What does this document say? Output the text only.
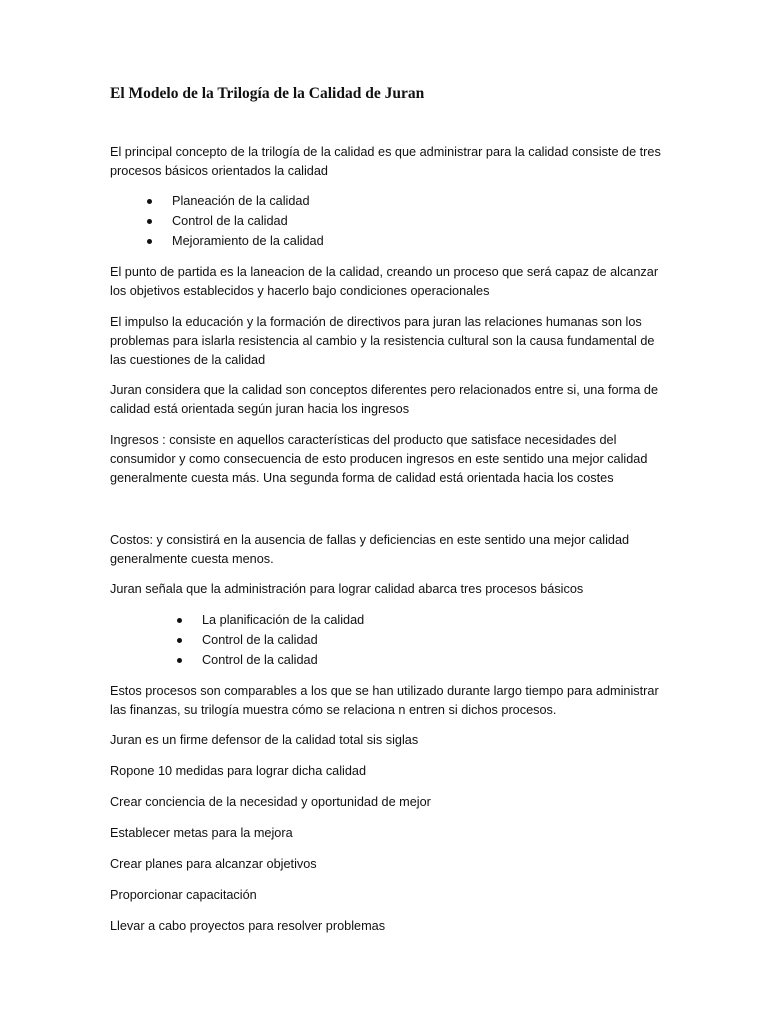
El Modelo de la Trilogía de la Calidad de Juran

El principal concepto de la trilogía de la calidad es que administrar para la calidad consiste de tres procesos básicos orientados la calidad

Planeación de la calidad
Control de la calidad
Mejoramiento de la calidad

El punto de partida es la laneacion de la calidad, creando un proceso que será capaz de alcanzar los objetivos establecidos y hacerlo bajo condiciones operacionales

El impulso la educación y la formación de directivos para juran las relaciones humanas son los problemas para islarla resistencia al cambio y la resistencia cultural son la causa fundamental de las cuestiones de la calidad

Juran considera que la calidad son conceptos diferentes pero relacionados entre si, una forma de calidad está orientada según juran hacia los ingresos

Ingresos : consiste en aquellos características del producto que satisface necesidades del consumidor y como consecuencia de esto producen ingresos en este sentido una mejor calidad generalmente cuesta más. Una segunda forma de calidad está orientada hacia los costes

Costos: y consistirá en la ausencia de fallas y deficiencias en este sentido una mejor calidad generalmente cuesta menos.

Juran señala que la administración para lograr calidad abarca tres procesos básicos

La planificación de la calidad
Control de la calidad
Control de la calidad

Estos procesos son comparables a los que se han utilizado durante largo tiempo para administrar las finanzas, su trilogía muestra cómo se relaciona n entren si dichos procesos.

Juran es un firme defensor de la calidad total sis siglas

Ropone 10 medidas para lograr dicha calidad

Crear conciencia de la necesidad y oportunidad de mejor

Establecer metas para la mejora

Crear planes para alcanzar objetivos

Proporcionar capacitación

Llevar a cabo proyectos para resolver problemas
